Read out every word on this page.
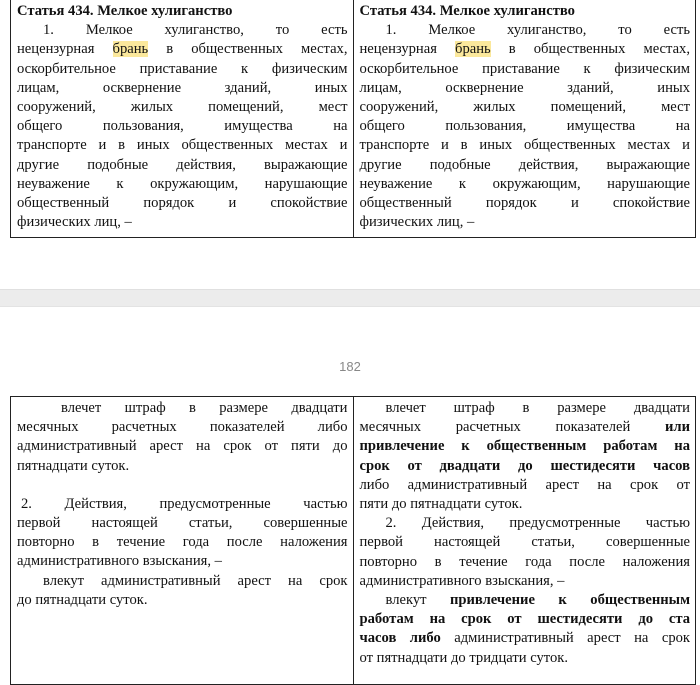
Статья 434. Мелкое хулиганство
1. Мелкое хулиганство, то есть
нецензурная брань в общественных местах,
оскорбительное приставание к физическим
лицам, осквернение зданий, иных
сооружений, жилых помещений, мест
общего пользования, имущества на
транспорте и в иных общественных местах и
другие подобные действия, выражающие
неуважение к окружающим, нарушающие
общественный порядок и спокойствие
физических лиц, –

Статья 434. Мелкое хулиганство
1. Мелкое хулиганство, то есть
нецензурная брань в общественных местах,
оскорбительное приставание к физическим
лицам, осквернение зданий, иных
сооружений, жилых помещений, мест
общего пользования, имущества на
транспорте и в иных общественных местах и
другие подобные действия, выражающие
неуважение к окружающим, нарушающие
общественный порядок и спокойствие
физических лиц, –
182
влечет штраф в размере двадцати
месячных расчетных показателей либо
административный арест на срок от пяти до
пятнадцати суток.
2. Действия, предусмотренные частью
первой настоящей статьи, совершенные
повторно в течение года после наложения
административного взыскания, –
влекут административный арест на срок
до пятнадцати суток.

влечет штраф в размере двадцати
месячных расчетных показателей или
привлечение к общественным работам на
срок от двадцати до шестидесяти часов
либо административный арест на срок от
пяти до пятнадцати суток.
2. Действия, предусмотренные частью
первой настоящей статьи, совершенные
повторно в течение года после наложения
административного взыскания, –
влекут привлечение к общественным
работам на срок от шестидесяти до ста
часов либо административный арест на срок
от пятнадцати до тридцати суток.
